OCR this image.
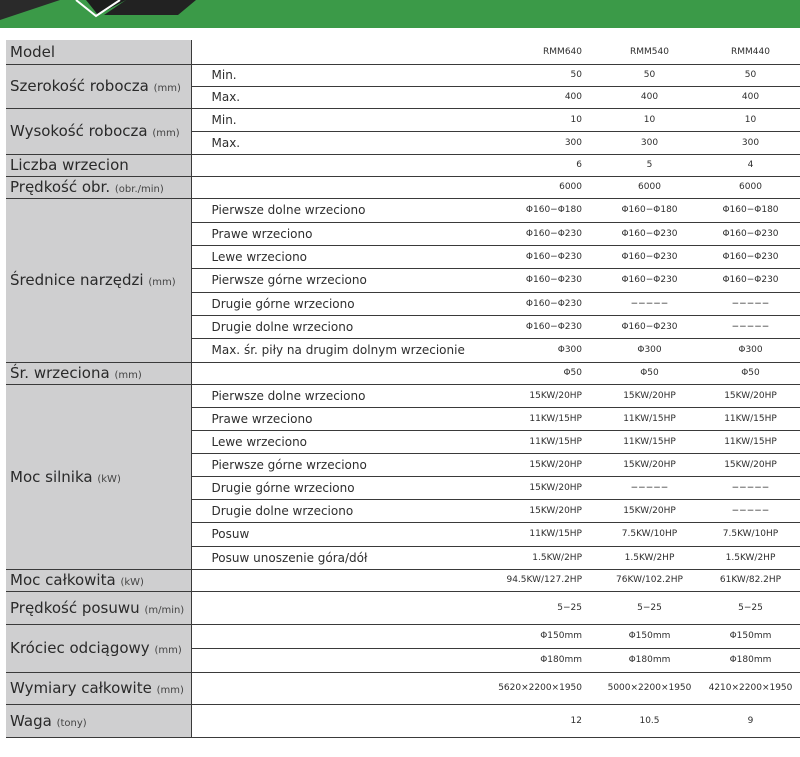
Model		RMM640	RMM540	RMM440
Szerokość robocza (mm)	Min.	50	50	50
	Max.	400	400	400
Wysokość robocza (mm)	Min.	10	10	10
	Max.	300	300	300
Liczba wrzecion		6	5	4
Prędkość obr. (obr./min)		6000	6000	6000
Średnice narzędzi (mm)	Pierwsze dolne wrzeciono	Φ160−Φ180	Φ160−Φ180	Φ160−Φ180
	Prawe wrzeciono	Φ160−Φ230	Φ160−Φ230	Φ160−Φ230
	Lewe wrzeciono	Φ160−Φ230	Φ160−Φ230	Φ160−Φ230
	Pierwsze górne wrzeciono	Φ160−Φ230	Φ160−Φ230	Φ160−Φ230
	Drugie górne wrzeciono	Φ160−Φ230	−−−−−	−−−−−
	Drugie dolne wrzeciono	Φ160−Φ230	Φ160−Φ230	−−−−−
	Max. śr. piły na drugim dolnym wrzecionie	Φ300	Φ300	Φ300
Śr. wrzeciona (mm)		Φ50	Φ50	Φ50
Moc silnika (kW)	Pierwsze dolne wrzeciono	15KW/20HP	15KW/20HP	15KW/20HP
	Prawe wrzeciono	11KW/15HP	11KW/15HP	11KW/15HP
	Lewe wrzeciono	11KW/15HP	11KW/15HP	11KW/15HP
	Pierwsze górne wrzeciono	15KW/20HP	15KW/20HP	15KW/20HP
	Drugie górne wrzeciono	15KW/20HP	−−−−−	−−−−−
	Drugie dolne wrzeciono	15KW/20HP	15KW/20HP	−−−−−
	Posuw	11KW/15HP	7.5KW/10HP	7.5KW/10HP
	Posuw unoszenie góra/dół	1.5KW/2HP	1.5KW/2HP	1.5KW/2HP
Moc całkowita (kW)		94.5KW/127.2HP	76KW/102.2HP	61KW/82.2HP
Prędkość posuwu (m/min)		5−25	5−25	5−25
Króciec odciągowy (mm)		Φ150mm	Φ150mm	Φ150mm
		Φ180mm	Φ180mm	Φ180mm
Wymiary całkowite (mm)		5620×2200×1950	5000×2200×1950	4210×2200×1950
Waga (tony)		12	10.5	9
